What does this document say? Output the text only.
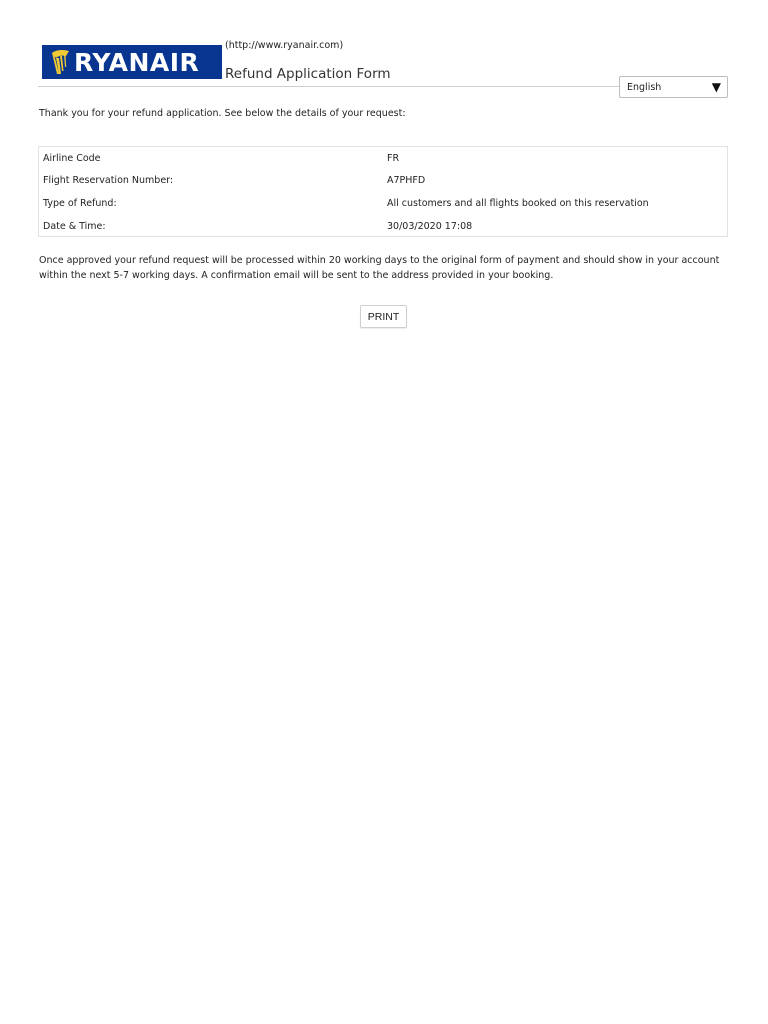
RYANAIR
(http://www.ryanair.com)
Refund Application Form
English	▼

Thank you for your refund application. See below the details of your request:

Airline Code	FR
Flight Reservation Number:	A7PHFD
Type of Refund:	All customers and all flights booked on this reservation
Date & Time:	30/03/2020 17:08

Once approved your refund request will be processed within 20 working days to the original form of payment and should show in your account within the next 5-7 working days. A confirmation email will be sent to the address provided in your booking.

PRINT
